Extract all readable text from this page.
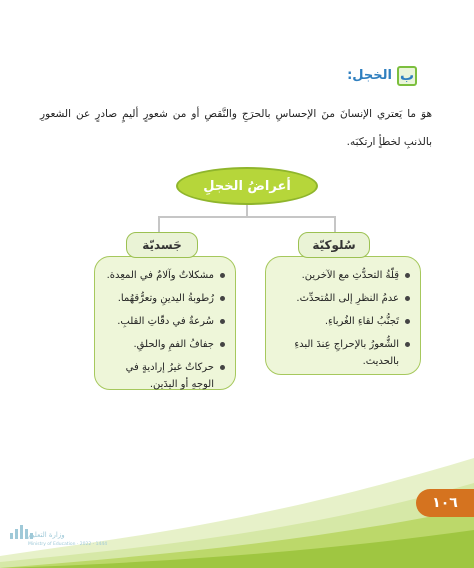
ب
الخجل:
هوَ ما يَعتري الإنسانَ منَ الإحساسِ بالحرَجِ والنَّقصِ أو من شعورٍ أليمٍ صادرٍ عن الشعورِ بالذنبِ لخطأٍ ارتكبَه.
أعراضُ الخجلِ
قِلّةُ التحدُّثِ مع الآخرين.
عدمُ النظرِ إلى المُتحدِّث.
تَجنُّبُ لقاءِ الغُرباءِ.
الشُّعورُ بالإحراجِ عِندَ البدءِ بالحديث.
سُلوكيّة
مشكلاتٌ وآلامٌ في المعِدة.
رُطوبةُ اليدينِ وتعرُّقهُما.
سُرعةٌ في دقّاتِ القلبِ.
جفافُ الفمِ والحلقِ.
حركاتٌ غيرُ إراديةٍ في الوجهِ أو اليدَين.
جَسديّة
١٠٦
وزارة التعليم
Ministry of Education · 2022 - 1444
